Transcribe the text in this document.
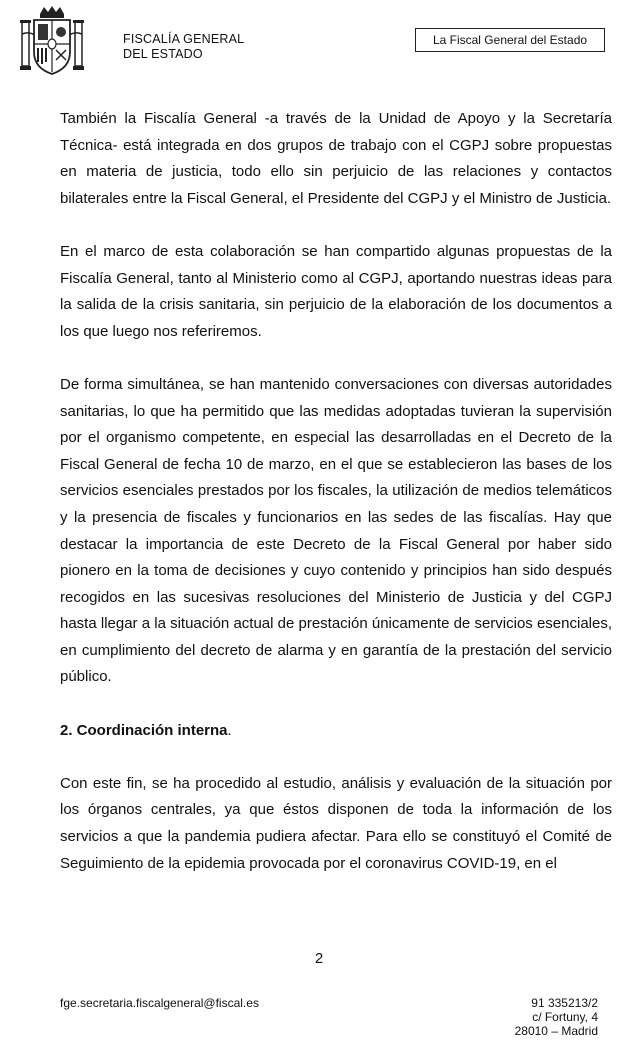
FISCALÍA GENERAL
DEL ESTADO
La Fiscal General del Estado

También la Fiscalía General -a través de la Unidad de Apoyo y la Secretaría Técnica- está integrada en dos grupos de trabajo con el CGPJ sobre propuestas en materia de justicia, todo ello sin perjuicio de las relaciones y contactos bilaterales entre la Fiscal General, el Presidente del CGPJ y el Ministro de Justicia.

En el marco de esta colaboración se han compartido algunas propuestas de la Fiscalía General, tanto al Ministerio como al CGPJ, aportando nuestras ideas para la salida de la crisis sanitaria, sin perjuicio de la elaboración de los documentos a los que luego nos referiremos.

De forma simultánea, se han mantenido conversaciones con diversas autoridades sanitarias, lo que ha permitido que las medidas adoptadas tuvieran la supervisión por el organismo competente, en especial las desarrolladas en el Decreto de la Fiscal General de fecha 10 de marzo, en el que se establecieron las bases de los servicios esenciales prestados por los fiscales, la utilización de medios telemáticos y la presencia de fiscales y funcionarios en las sedes de las fiscalías. Hay que destacar la importancia de este Decreto de la Fiscal General por haber sido pionero en la toma de decisiones y cuyo contenido y principios han sido después recogidos en las sucesivas resoluciones del Ministerio de Justicia y del CGPJ hasta llegar a la situación actual de prestación únicamente de servicios esenciales, en cumplimiento del decreto de alarma y en garantía de la prestación del servicio público.

2. Coordinación interna.

Con este fin, se ha procedido al estudio, análisis y evaluación de la situación por los órganos centrales, ya que éstos disponen de toda la información de los servicios a que la pandemia pudiera afectar. Para ello se constituyó el Comité de Seguimiento de la epidemia provocada por el coronavirus COVID-19, en el

2
fge.secretaria.fiscalgeneral@fiscal.es	91 335213/2
c/ Fortuny, 4
28010 – Madrid
